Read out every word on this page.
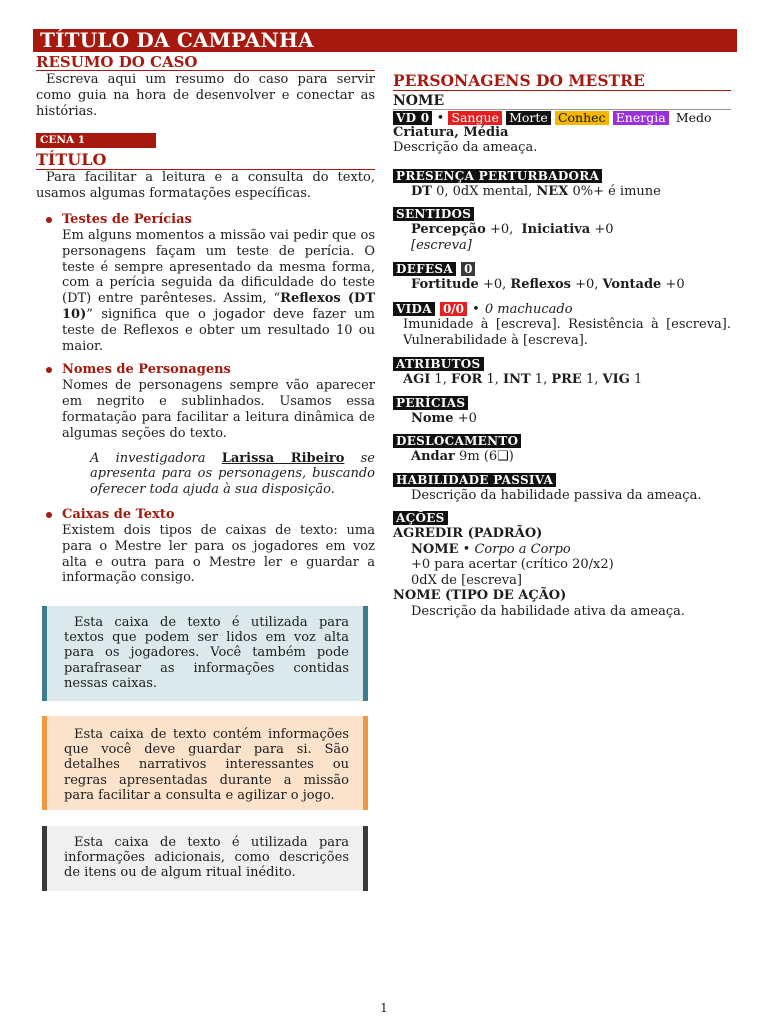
TÍTULO DA CAMPANHA
RESUMO DO CASO

Escreva aqui um resumo do caso para servir como guia na hora de desenvolver e conectar as histórias.

CENA 1
TÍTULO

Para facilitar a leitura e a consulta do texto, usamos algumas formatações específicas.

Testes de Perícias

Em alguns momentos a missão vai pedir que os personagens façam um teste de perícia. O teste é sempre apresentado da mesma forma, com a perícia seguida da dificuldade do teste (DT) entre parênteses. Assim, “Reflexos (DT 10)” significa que o jogador deve fazer um teste de Reflexos e obter um resultado 10 ou maior.

Nomes de Personagens

Nomes de personagens sempre vão aparecer em negrito e sublinhados. Usamos essa formatação para facilitar a leitura dinâmica de algumas seções do texto.

A investigadora Larissa Ribeiro se apresenta para os personagens, buscando oferecer toda ajuda à sua disposição.

Caixas de Texto

Existem dois tipos de caixas de texto: uma para o Mestre ler para os jogadores em voz alta e outra para o Mestre ler e guardar a informação consigo.

Esta caixa de texto é utilizada para textos que podem ser lidos em voz alta para os jogadores. Você também pode parafrasear as informações contidas nessas caixas.
Esta caixa de texto contém informações que você deve guardar para si. São detalhes narrativos interessantes ou regras apresentadas durante a missão para facilitar a consulta e agilizar o jogo.
Esta caixa de texto é utilizada para informações adicionais, como descrições de itens ou de algum ritual inédito.
PERSONAGENS DO MESTRE
NOME
VD 0 • Sangue Morte Conhec Energia Medo
Criatura, Média
Descrição da ameaça.
PRESENÇA PERTURBADORA
DT 0, 0dX mental, NEX 0%+ é imune
SENTIDOS
Percepção +0, Iniciativa +0
[escreva]
DEFESA 0
Fortitude +0, Reflexos +0, Vontade +0
VIDA 0/0 • 0 machucado

Imunidade à [escreva]. Resistência à [escreva]. Vulnerabilidade à [escreva].

ATRIBUTOS
AGI 1, FOR 1, INT 1, PRE 1, VIG 1
PERÍCIAS
Nome +0
DESLOCAMENTO
Andar 9m (6❑)
HABILIDADE PASSIVA
Descrição da habilidade passiva da ameaça.
AÇÕES
AGREDIR (PADRÃO)
NOME • Corpo a Corpo
+0 para acertar (crítico 20/x2)
0dX de [escreva]
NOME (TIPO DE AÇÃO)
Descrição da habilidade ativa da ameaça.
1
